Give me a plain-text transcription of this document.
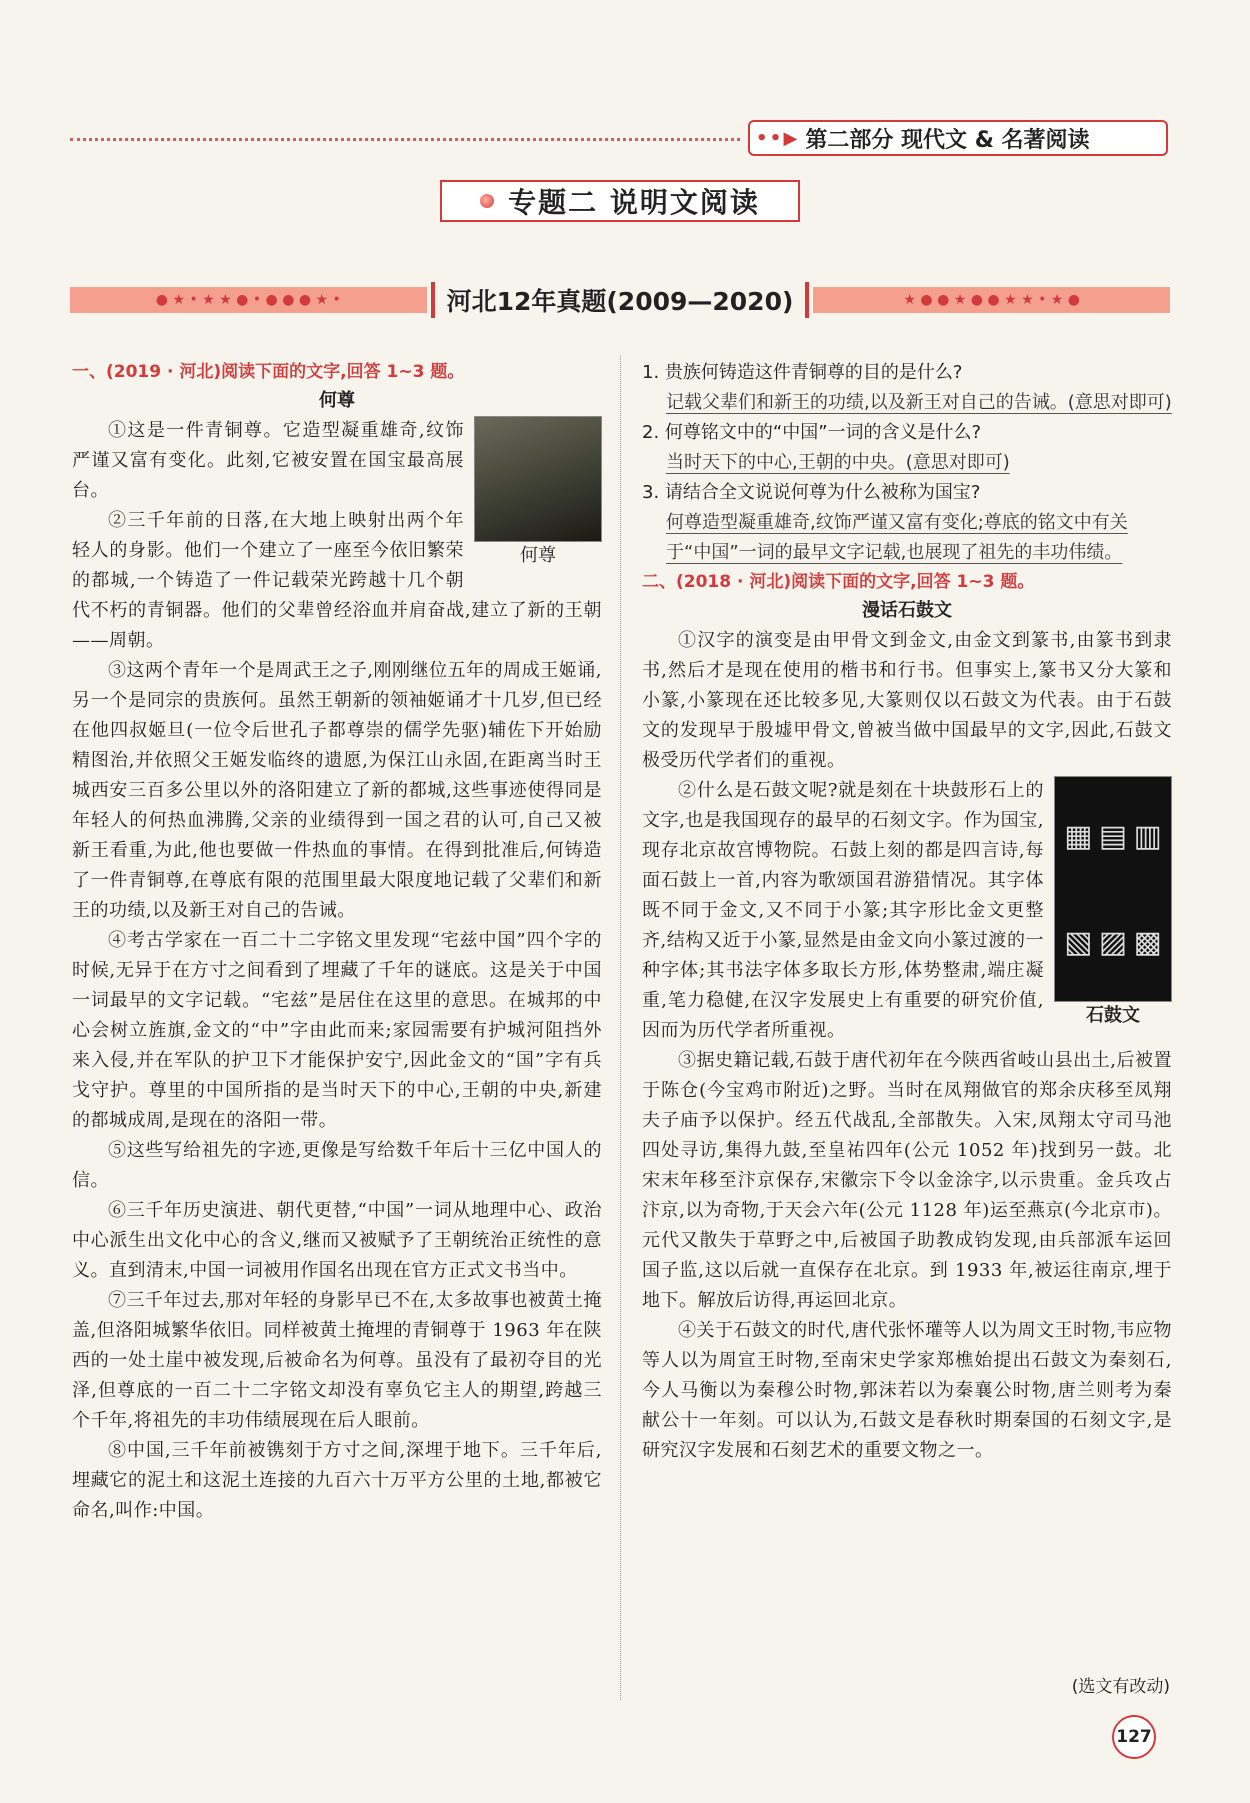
• • ▶ 第二部分 现代文 & 名著阅读
专题二 说明文阅读
● ★ • ★ ★ ● • ● ● ● ★ •	河北12年真题(2009—2020)	★ ● ● ★ ● ● ★ ★ • ★ ●
一、(2019 · 河北)阅读下面的文字,回答 1~3 题。
何尊
何尊

①这是一件青铜尊。它造型凝重雄奇,纹饰严谨又富有变化。此刻,它被安置在国宝最高展台。

②三千年前的日落,在大地上映射出两个年轻人的身影。他们一个建立了一座至今依旧繁荣的都城,一个铸造了一件记载荣光跨越十几个朝代不朽的青铜器。他们的父辈曾经浴血并肩奋战,建立了新的王朝——周朝。

③这两个青年一个是周武王之子,刚刚继位五年的周成王姬诵,另一个是同宗的贵族何。虽然王朝新的领袖姬诵才十几岁,但已经在他四叔姬旦(一位令后世孔子都尊崇的儒学先驱)辅佐下开始励精图治,并依照父王姬发临终的遗愿,为保江山永固,在距离当时王城西安三百多公里以外的洛阳建立了新的都城,这些事迹使得同是年轻人的何热血沸腾,父亲的业绩得到一国之君的认可,自己又被新王看重,为此,他也要做一件热血的事情。在得到批准后,何铸造了一件青铜尊,在尊底有限的范围里最大限度地记载了父辈们和新王的功绩,以及新王对自己的告诫。

④考古学家在一百二十二字铭文里发现“宅兹中国”四个字的时候,无异于在方寸之间看到了埋藏了千年的谜底。这是关于中国一词最早的文字记载。“宅兹”是居住在这里的意思。在城邦的中心会树立旌旗,金文的“中”字由此而来;家园需要有护城河阻挡外来入侵,并在军队的护卫下才能保护安宁,因此金文的“国”字有兵戈守护。尊里的中国所指的是当时天下的中心,王朝的中央,新建的都城成周,是现在的洛阳一带。

⑤这些写给祖先的字迹,更像是写给数千年后十三亿中国人的信。

⑥三千年历史演进、朝代更替,“中国”一词从地理中心、政治中心派生出文化中心的含义,继而又被赋予了王朝统治正统性的意义。直到清末,中国一词被用作国名出现在官方正式文书当中。

⑦三千年过去,那对年轻的身影早已不在,太多故事也被黄土掩盖,但洛阳城繁华依旧。同样被黄土掩埋的青铜尊于 1963 年在陕西的一处土崖中被发现,后被命名为何尊。虽没有了最初夺目的光泽,但尊底的一百二十二字铭文却没有辜负它主人的期望,跨越三个千年,将祖先的丰功伟绩展现在后人眼前。

⑧中国,三千年前被镌刻于方寸之间,深埋于地下。三千年后,埋藏它的泥土和这泥土连接的九百六十万平方公里的土地,都被它命名,叫作:中国。

1. 贵族何铸造这件青铜尊的目的是什么?
记载父辈们和新王的功绩,以及新王对自己的告诫。(意思对即可)
2. 何尊铭文中的“中国”一词的含义是什么?
当时天下的中心,王朝的中央。(意思对即可)
3. 请结合全文说说何尊为什么被称为国宝?
何尊造型凝重雄奇,纹饰严谨又富有变化;尊底的铭文中有关于“中国”一词的最早文字记载,也展现了祖先的丰功伟绩。
二、(2018 · 河北)阅读下面的文字,回答 1~3 题。
漫话石鼓文

①汉字的演变是由甲骨文到金文,由金文到篆书,由篆书到隶书,然后才是现在使用的楷书和行书。但事实上,篆书又分大篆和小篆,小篆现在还比较多见,大篆则仅以石鼓文为代表。由于石鼓文的发现早于殷墟甲骨文,曾被当做中国最早的文字,因此,石鼓文极受历代学者们的重视。

▦ ▤ ▥
▧ ▨ ▩
石鼓文

②什么是石鼓文呢?就是刻在十块鼓形石上的文字,也是我国现存的最早的石刻文字。作为国宝,现存北京故宫博物院。石鼓上刻的都是四言诗,每面石鼓上一首,内容为歌颂国君游猎情况。其字体既不同于金文,又不同于小篆;其字形比金文更整齐,结构又近于小篆,显然是由金文向小篆过渡的一种字体;其书法字体多取长方形,体势整肃,端庄凝重,笔力稳健,在汉字发展史上有重要的研究价值,因而为历代学者所重视。

③据史籍记载,石鼓于唐代初年在今陕西省岐山县出土,后被置于陈仓(今宝鸡市附近)之野。当时在凤翔做官的郑余庆移至凤翔夫子庙予以保护。经五代战乱,全部散失。入宋,凤翔太守司马池四处寻访,集得九鼓,至皇祐四年(公元 1052 年)找到另一鼓。北宋末年移至汴京保存,宋徽宗下令以金涂字,以示贵重。金兵攻占汴京,以为奇物,于天会六年(公元 1128 年)运至燕京(今北京市)。元代又散失于草野之中,后被国子助教成钧发现,由兵部派车运回国子监,这以后就一直保存在北京。到 1933 年,被运往南京,埋于地下。解放后访得,再运回北京。

④关于石鼓文的时代,唐代张怀瓘等人以为周文王时物,韦应物等人以为周宣王时物,至南宋史学家郑樵始提出石鼓文为秦刻石,今人马衡以为秦穆公时物,郭沫若以为秦襄公时物,唐兰则考为秦献公十一年刻。可以认为,石鼓文是春秋时期秦国的石刻文字,是研究汉字发展和石刻艺术的重要文物之一。

(选文有改动)
127
